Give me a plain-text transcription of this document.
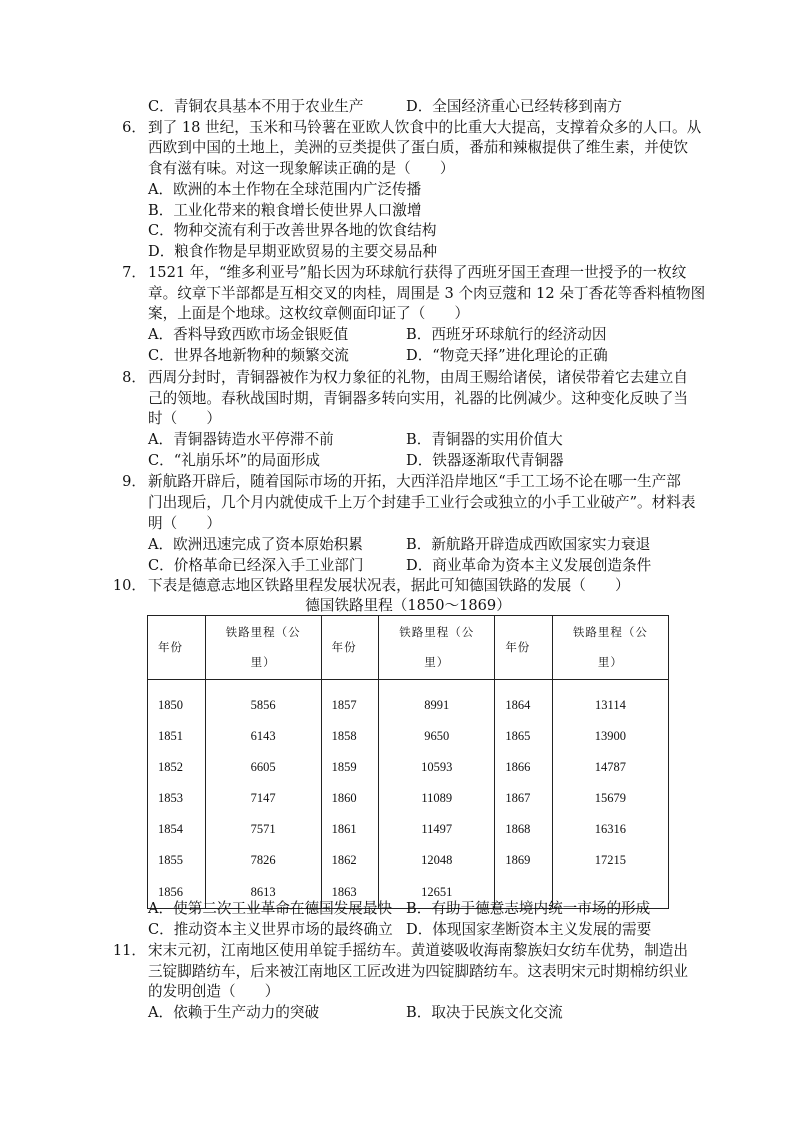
C．青铜农具基本不用于农业生产	D．全国经济重心已经转移到南方
6． 到了 18 世纪，玉米和马铃薯在亚欧人饮食中的比重大大提高，支撑着众多的人口。从
西欧到中国的土地上，美洲的豆类提供了蛋白质，番茄和辣椒提供了维生素，并使饮
食有滋有味。对这一现象解读正确的是（　　）
A．欧洲的本土作物在全球范围内广泛传播
B．工业化带来的粮食增长使世界人口激增
C．物种交流有利于改善世界各地的饮食结构
D．粮食作物是早期亚欧贸易的主要交易品种
7． 1521 年，“维多利亚号”船长因为环球航行获得了西班牙国王查理一世授予的一枚纹
章。纹章下半部都是互相交叉的肉桂，周围是 3 个肉豆蔻和 12 朵丁香花等香料植物图
案，上面是个地球。这枚纹章侧面印证了（　　）
A．香料导致西欧市场金银贬值	B．西班牙环球航行的经济动因
C．世界各地新物种的频繁交流	D．“物竞天择”进化理论的正确
8． 西周分封时，青铜器被作为权力象征的礼物，由周王赐给诸侯，诸侯带着它去建立自
己的领地。春秋战国时期，青铜器多转向实用，礼器的比例减少。这种变化反映了当
时（　　）
A．青铜器铸造水平停滞不前	B．青铜器的实用价值大
C．“礼崩乐坏”的局面形成	D．铁器逐渐取代青铜器
9． 新航路开辟后，随着国际市场的开拓，大西洋沿岸地区“手工工场不论在哪一生产部
门出现后，几个月内就使成千上万个封建手工业行会或独立的小手工业破产”。材料表
明（　　）
A．欧洲迅速完成了资本原始积累	B．新航路开辟造成西欧国家实力衰退
C．价格革命已经深入手工业部门	D．商业革命为资本主义发展创造条件
10． 下表是德意志地区铁路里程发展状况表，据此可知德国铁路的发展（　　）
德国铁路里程（1850～1869）
年份	铁路里程（公
里）	年份	铁路里程（公
里）	年份	铁路里程（公
里）
1850	5856	1857	8991	1864	13114
1851	6143	1858	9650	1865	13900
1852	6605	1859	10593	1866	14787
1853	7147	1860	11089	1867	15679
1854	7571	1861	11497	1868	16316
1855	7826	1862	12048	1869	17215
1856	8613	1863	12651		
A．使第二次工业革命在德国发展最快 B．有助于德意志境内统一市场的形成
C．推动资本主义世界市场的最终确立 D．体现国家垄断资本主义发展的需要
11． 宋末元初，江南地区使用单锭手摇纺车。黄道婆吸收海南黎族妇女纺车优势，制造出
三锭脚踏纺车，后来被江南地区工匠改进为四锭脚踏纺车。这表明宋元时期棉纺织业
的发明创造（　　）
A．依赖于生产动力的突破	B．取决于民族文化交流
